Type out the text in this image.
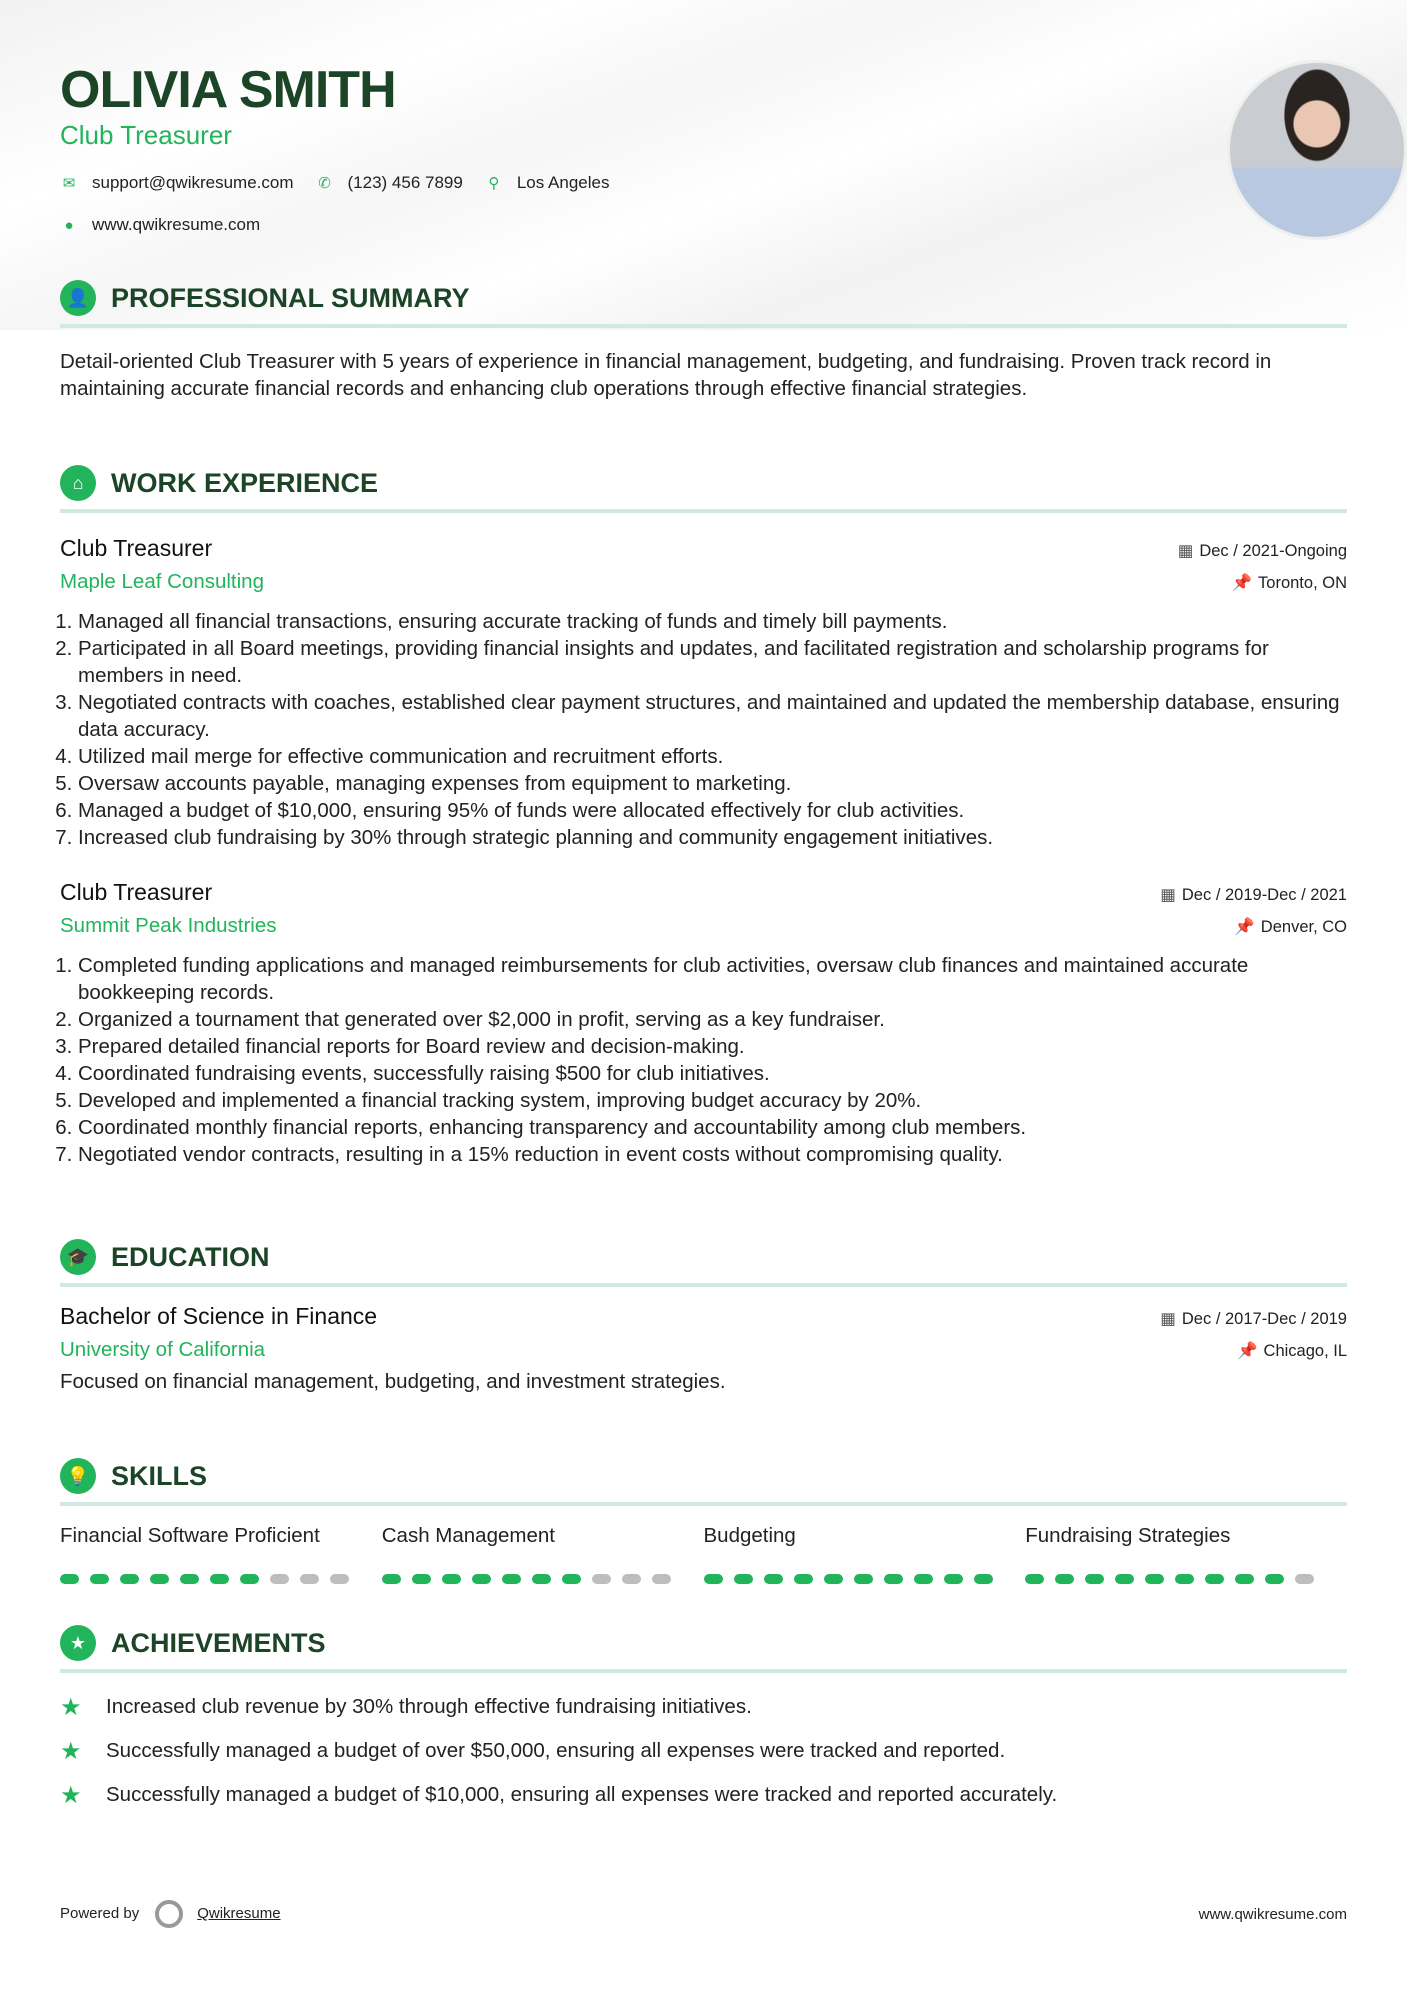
OLIVIA SMITH
Club Treasurer
✉ support@qwikresume.com ✆ (123) 456 7899 ⚲ Los Angeles
● www.qwikresume.com
👤 PROFESSIONAL SUMMARY
Detail-oriented Club Treasurer with 5 years of experience in financial management, budgeting, and fundraising. Proven track record in maintaining accurate financial records and enhancing club operations through effective financial strategies.
⌂	WORK EXPERIENCE
Club Treasurer	▦ Dec / 2021-Ongoing
Maple Leaf Consulting	📌 Toronto, ON
1. Managed all financial transactions, ensuring accurate tracking of funds and timely bill payments.
2. Participated in all Board meetings, providing financial insights and updates, and facilitated registration and scholarship programs for members in need.
3. Negotiated contracts with coaches, established clear payment structures, and maintained and updated the membership database, ensuring data accuracy.
4. Utilized mail merge for effective communication and recruitment efforts.
5. Oversaw accounts payable, managing expenses from equipment to marketing.
6. Managed a budget of $10,000, ensuring 95% of funds were allocated effectively for club activities.
7. Increased club fundraising by 30% through strategic planning and community engagement initiatives.
Club Treasurer	▦ Dec / 2019-Dec / 2021
Summit Peak Industries	📌 Denver, CO
1. Completed funding applications and managed reimbursements for club activities, oversaw club finances and maintained accurate bookkeeping records.
2. Organized a tournament that generated over $2,000 in profit, serving as a key fundraiser.
3. Prepared detailed financial reports for Board review and decision-making.
4. Coordinated fundraising events, successfully raising $500 for club initiatives.
5. Developed and implemented a financial tracking system, improving budget accuracy by 20%.
6. Coordinated monthly financial reports, enhancing transparency and accountability among club members.
7. Negotiated vendor contracts, resulting in a 15% reduction in event costs without compromising quality.
🎓 EDUCATION
Bachelor of Science in Finance	▦ Dec / 2017-Dec / 2019
University of California	📌 Chicago, IL
Focused on financial management, budgeting, and investment strategies.
💡 SKILLS
Financial Software Proficient	Cash Management	Budgeting	Fundraising Strategies
★ ACHIEVEMENTS
★	Increased club revenue by 30% through effective fundraising initiatives.
★	Successfully managed a budget of over $50,000, ensuring all expenses were tracked and reported.
★	Successfully managed a budget of $10,000, ensuring all expenses were tracked and reported accurately.
Powered by	Qwikresume	www.qwikresume.com
